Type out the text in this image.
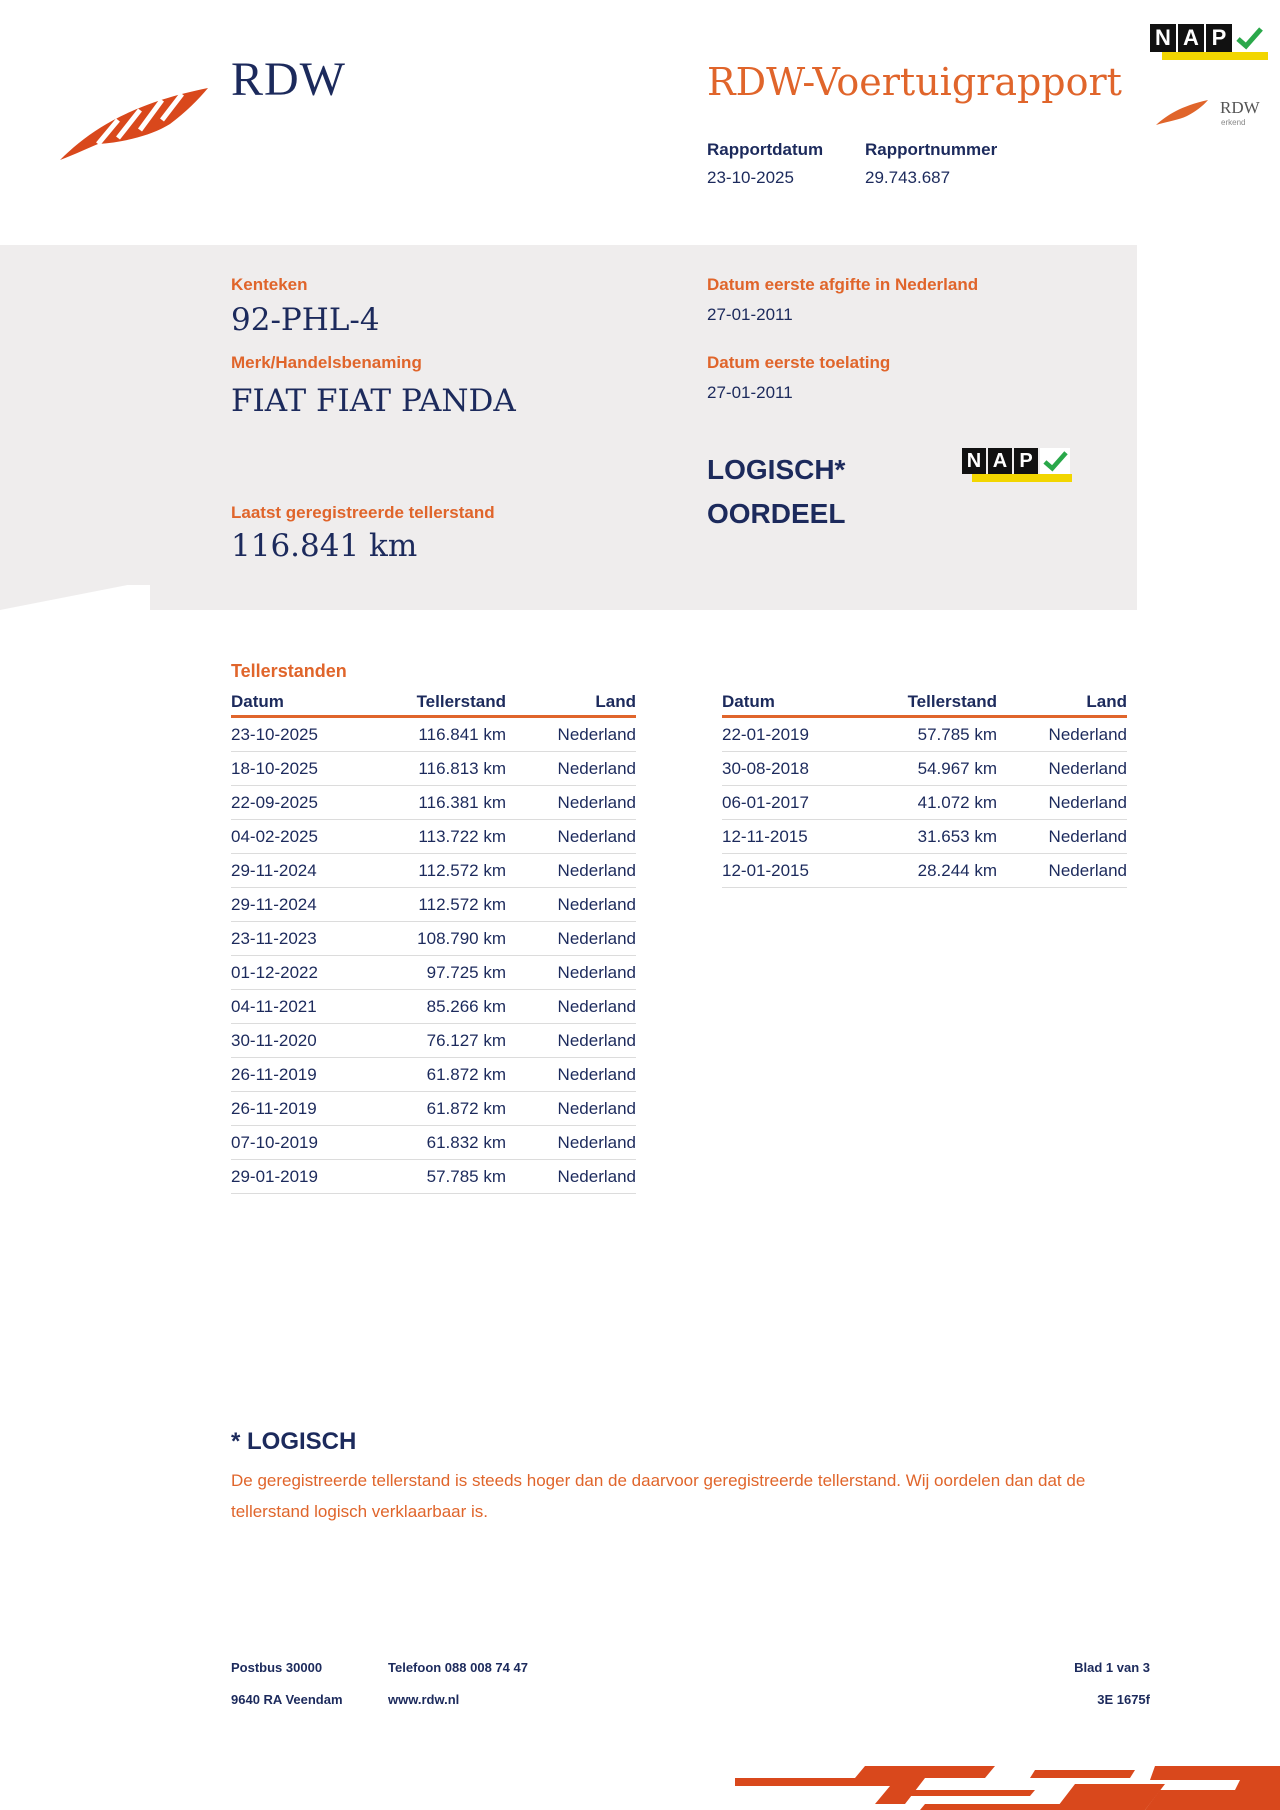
RDW	RDW-Voertuigrapport
Rapportdatum
23-10-2025
Rapportnummer
29.743.687
N A P
RDW
erkend
Kenteken
92-PHL-4
Merk/Handelsbenaming
FIAT FIAT PANDA
Laatst geregistreerde tellerstand
116.841 km
Datum eerste afgifte in Nederland
27-01-2011
Datum eerste toelating
27-01-2011
LOGISCH*
OORDEEL
N A P
Tellerstanden
Datum	Tellerstand	Land
23-10-2025	116.841 km	Nederland
18-10-2025	116.813 km	Nederland
22-09-2025	116.381 km	Nederland
04-02-2025	113.722 km	Nederland
29-11-2024	112.572 km	Nederland
29-11-2024	112.572 km	Nederland
23-11-2023	108.790 km	Nederland
01-12-2022	97.725 km	Nederland
04-11-2021	85.266 km	Nederland
30-11-2020	76.127 km	Nederland
26-11-2019	61.872 km	Nederland
26-11-2019	61.872 km	Nederland
07-10-2019	61.832 km	Nederland
29-01-2019	57.785 km	Nederland
Datum	Tellerstand	Land
22-01-2019	57.785 km	Nederland
30-08-2018	54.967 km	Nederland
06-01-2017	41.072 km	Nederland
12-11-2015	31.653 km	Nederland
12-01-2015	28.244 km	Nederland
* LOGISCH
De geregistreerde tellerstand is steeds hoger dan de daarvoor geregistreerde tellerstand. Wij oordelen dan dat de tellerstand logisch verklaarbaar is.
Postbus 30000
9640 RA Veendam
Telefoon 088 008 74 47
www.rdw.nl
Blad 1 van 3
3E 1675f
